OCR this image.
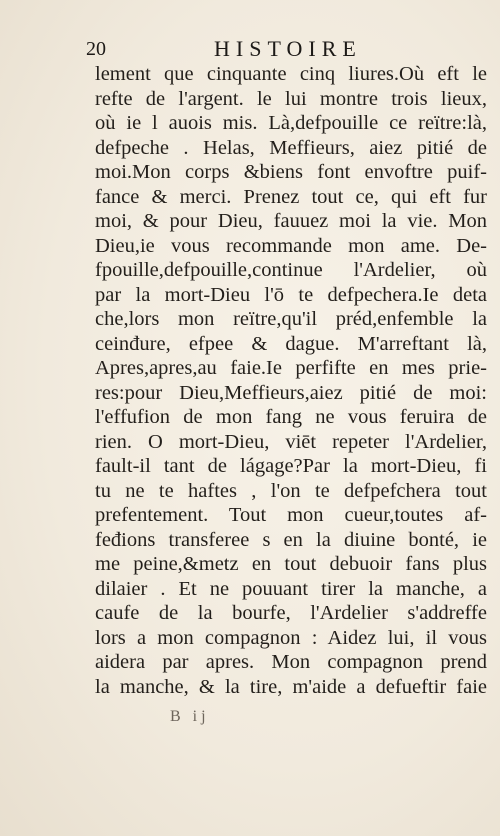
20	HISTOIRE
lement que cinquante cinq liures.Où eft le
refte de l'argent. le lui montre trois lieux,
où ie l auois mis. Là,defpouille ce reïtre:là,
defpeche . Helas, Meffieurs, aiez pitié de
moi.Mon corps &biens font envoftre puif-
fance & merci. Prenez tout ce, qui eft fur
moi, & pour Dieu, fauuez moi la vie. Mon
Dieu,ie vous recommande mon ame. De-
fpouille,defpouille,continue l'Ardelier, où
par la mort-Dieu l'ō te defpechera.Ie deta
che,lors mon reïtre,qu'il préd,enfemble la
ceinđure, efpee & dague. M'arreftant là,
Apres,apres,au faie.Ie perfifte en mes prie-
res:pour Dieu,Meffieurs,aiez pitié de moi:
l'effufion de mon fang ne vous feruira de
rien. O mort-Dieu, viēt repeter l'Ardelier,
fault-il tant de lágage?Par la mort-Dieu, fi
tu ne te haftes , l'on te defpefchera tout
prefentement. Tout mon cueur,toutes af-
feđions transferee s en la diuine bonté, ie
me peine,&metz en tout debuoir fans plus
dilaier . Et ne pouuant tirer la manche, a
caufe de la bourfe, l'Ardelier s'addreffe
lors a mon compagnon : Aidez lui, il vous
aidera par apres. Mon compagnon prend
la manche, & la tire, m'aide a defueftir faie
B ij
